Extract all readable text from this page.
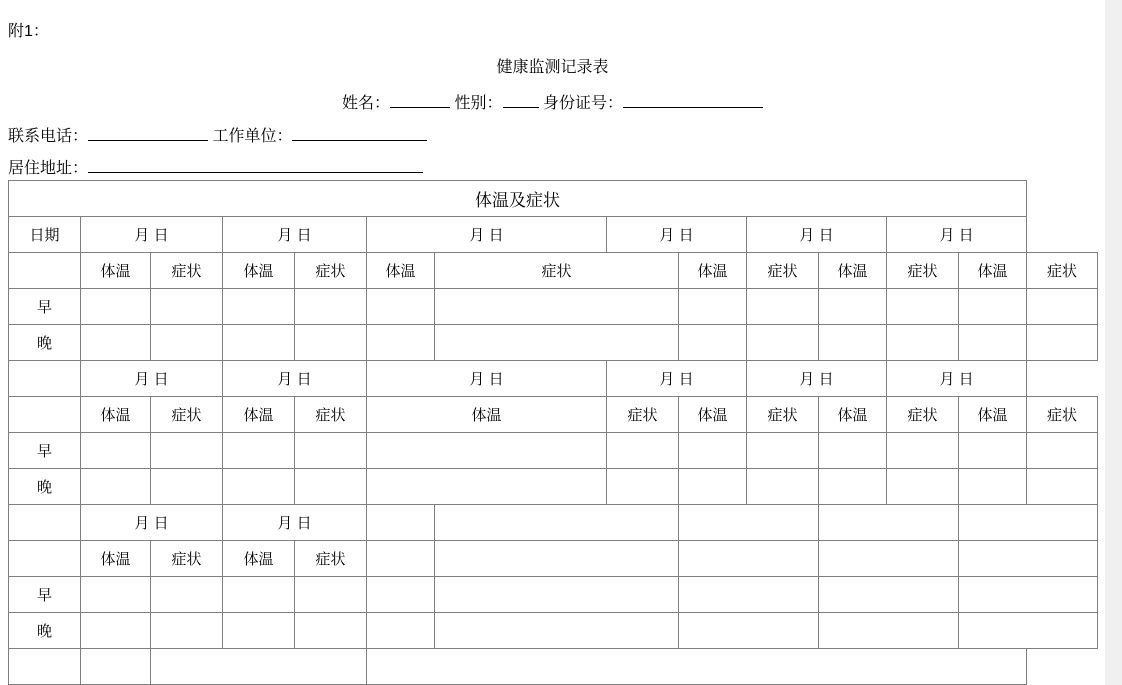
附1：
健康监测记录表
姓名：	性别：	身份证号：
联系电话：	工作单位：
居住地址：
体温及症状													
日期	月 日		月 日		月 日		月 日		月 日		月 日		
	体温	症状	体温	症状	体温	症状		体温	症状	体温	症状	体温	症状
早													
晚													
	月 日		月 日		月 日		月 日		月 日		月 日		
	体温	症状	体温	症状	体温		症状	体温	症状	体温	症状	体温	症状
早													
晚													
	月 日		月 日										
	体温	症状	体温	症状									
早													
晚													
